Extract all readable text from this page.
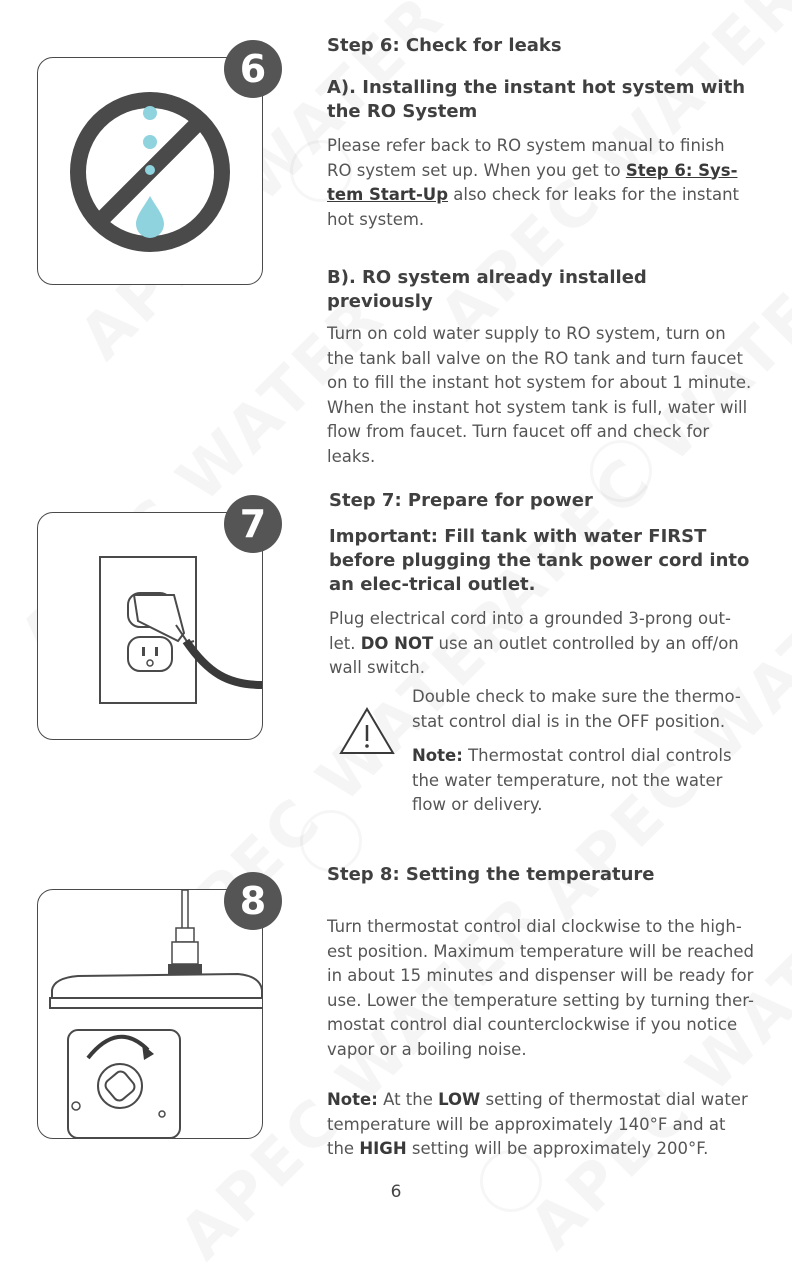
6

Step 6: Check for leaks

A). Installing the instant hot system with the RO System

Please refer back to RO system manual to finish RO system set up. When you get to Step 6: Sys-tem Start-Up also check for leaks for the instant hot system.

B). RO system already installed previously

Turn on cold water supply to RO system, turn on the tank ball valve on the RO tank and turn faucet on to fill the instant hot system for about 1 minute. When the instant hot system tank is full, water will flow from faucet. Turn faucet off and check for leaks.

7

Step 7: Prepare for power

Important: Fill tank with water FIRST before plugging the tank power cord into an elec-trical outlet.

Plug electrical cord into a grounded 3-prong out-let. DO NOT use an outlet controlled by an off/on wall switch.

Double check to make sure the thermo-stat control dial is in the OFF position.

Note: Thermostat control dial controls the water temperature, not the water flow or delivery.

8

Step 8: Setting the temperature

Turn thermostat control dial clockwise to the high-est position. Maximum temperature will be reached in about 15 minutes and dispenser will be ready for use. Lower the temperature setting by turning ther-mostat control dial counterclockwise if you notice vapor or a boiling noise.

Note: At the LOW setting of thermostat dial water temperature will be approximately 140°F and at the HIGH setting will be approximately 200°F.

6
